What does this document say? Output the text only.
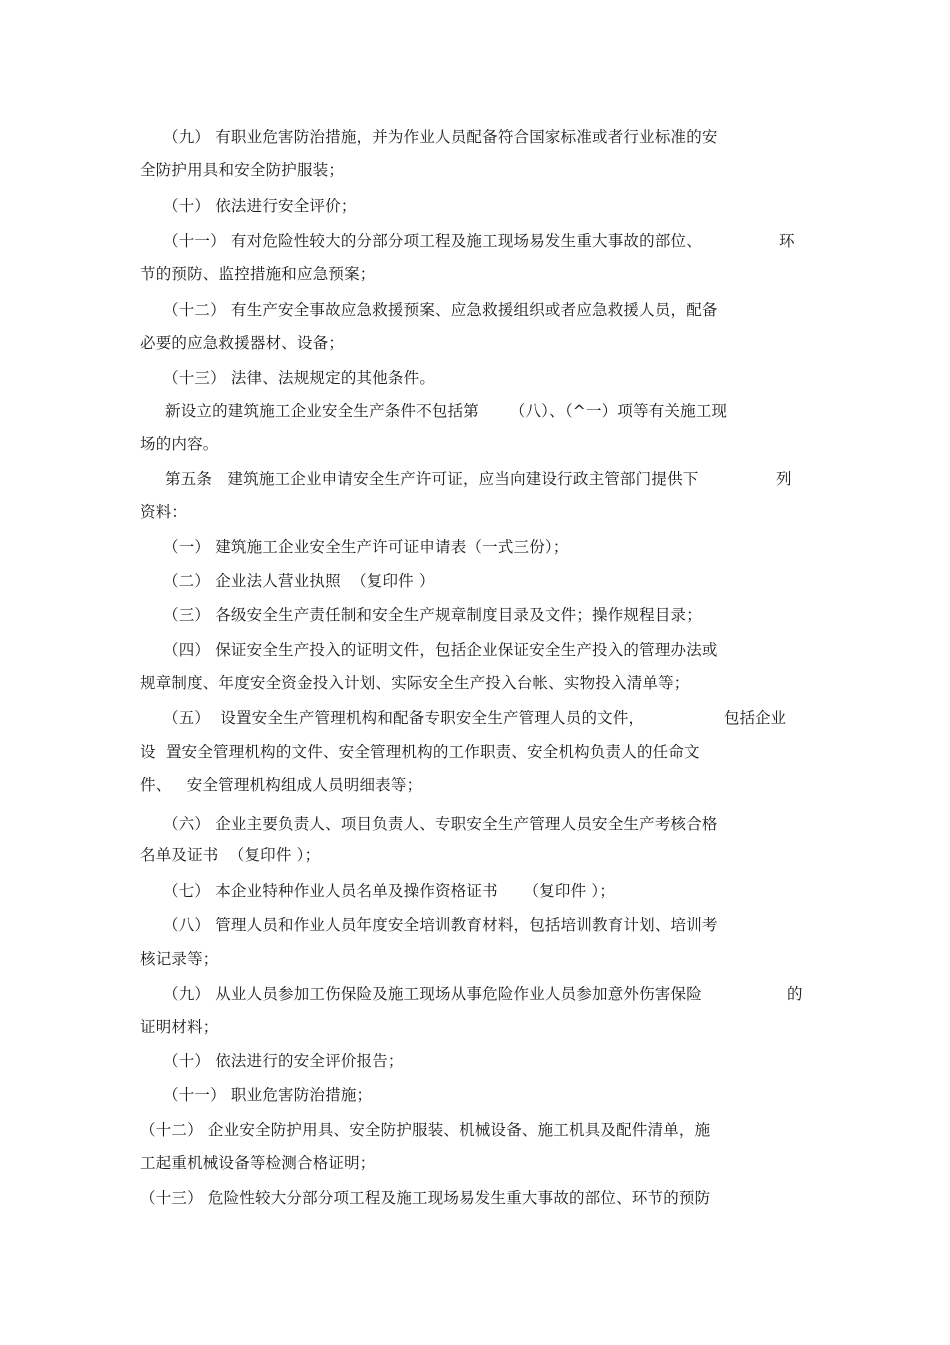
（九） 有职业危害防治措施，并为作业人员配备符合国家标准或者行业标准的安
全防护用具和安全防护服装；
（十） 依法进行安全评价；
（十一） 有对危险性较大的分部分项工程及施工现场易发生重大事故的部位、	环
节的预防、监控措施和应急预案；
（十二） 有生产安全事故应急救援预案、应急救援组织或者应急救援人员，配备
必要的应急救援器材、设备；
（十三） 法律、法规规定的其他条件。
新设立的建筑施工企业安全生产条件不包括第      （八）、（^一）项等有关施工现
场的内容。
第五条   建筑施工企业申请安全生产许可证，应当向建设行政主管部门提供下	列
资料：
（一） 建筑施工企业安全生产许可证申请表（一式三份）；
（二） 企业法人营业执照  （复印件 ）
（三） 各级安全生产责任制和安全生产规章制度目录及文件；操作规程目录；
（四） 保证安全生产投入的证明文件，包括企业保证安全生产投入的管理办法或
规章制度、年度安全资金投入计划、实际安全生产投入台帐、实物投入清单等；
（五）  设置安全生产管理机构和配备专职安全生产管理人员的文件，	包括企业
设  置安全管理机构的文件、安全管理机构的工作职责、安全机构负责人的任命文
件、   安全管理机构组成人员明细表等；
（六） 企业主要负责人、项目负责人、专职安全生产管理人员安全生产考核合格
名单及证书  （复印件 ）；
（七） 本企业特种作业人员名单及操作资格证书     （复印件 ）；
（八） 管理人员和作业人员年度安全培训教育材料，包括培训教育计划、培训考
核记录等；
（九） 从业人员参加工伤保险及施工现场从事危险作业人员参加意外伤害保险	的
证明材料；
（十） 依法进行的安全评价报告；
（十一） 职业危害防治措施；
（十二） 企业安全防护用具、安全防护服装、机械设备、施工机具及配件清单，施
工起重机械设备等检测合格证明；
（十三） 危险性较大分部分项工程及施工现场易发生重大事故的部位、环节的预防
